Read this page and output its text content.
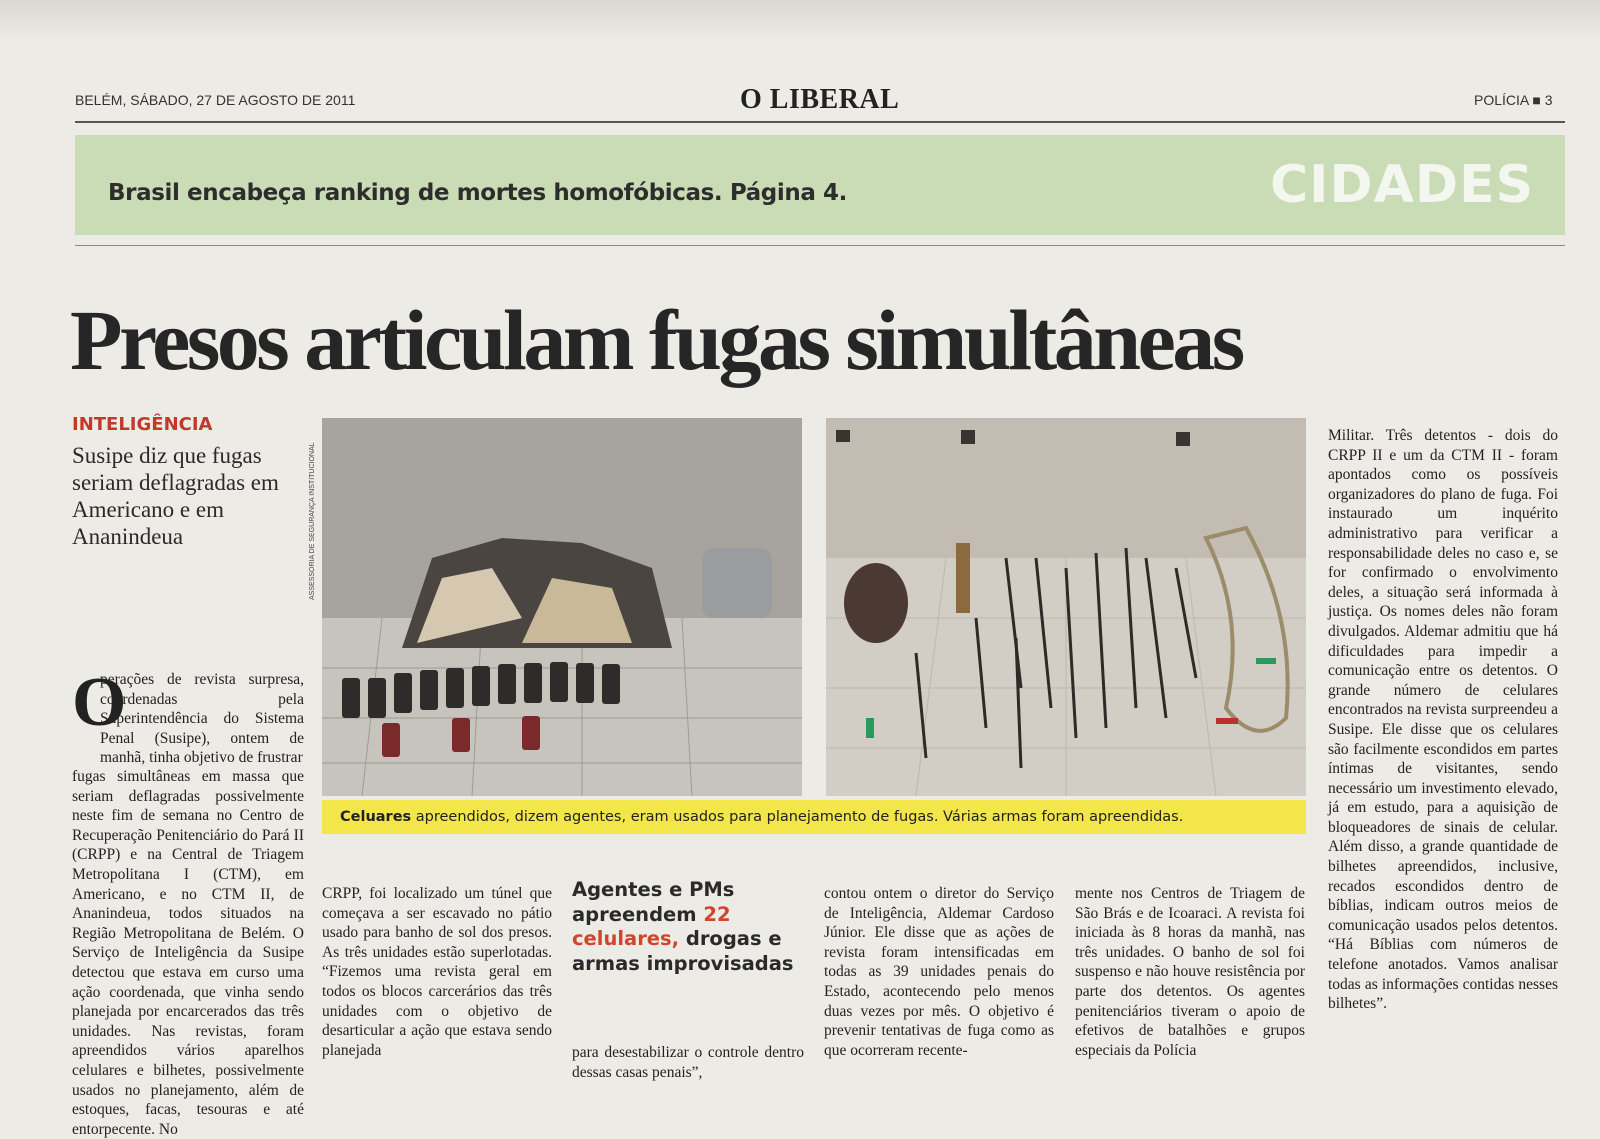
BELÉM, SÁBADO, 27 DE AGOSTO DE 2011	O LIBERAL	POLÍCIA ■ 3
Brasil encabeça ranking de mortes homofóbicas. Página 4.	CIDADES
Presos articulam fugas simultâneas
INTELIGÊNCIA
Susipe diz que fugas seriam deflagradas em Americano e em Ananindeua
O
perações de revista surpresa, coordenadas pela Superintendência do Sistema Penal (Susipe), ontem de manhã, tinha objetivo de frustrar
fugas simultâneas em massa que seriam deflagradas possivelmente neste fim de semana no Centro de Recuperação Penitenciário do Pará II (CRPP) e na Central de Triagem Metropolitana I (CTM), em Americano, e no CTM II, de Ananindeua, todos situados na Região Metropolitana de Belém. O Serviço de Inteligência da Susipe detectou que estava em curso uma ação coordenada, que vinha sendo planejada por encarcerados das três unidades. Nas revistas, foram apreendidos vários aparelhos celulares e bilhetes, possivelmente usados no planejamento, além de estoques, facas, tesouras e até entorpecente. No
ASSESSORIA DE SEGURANÇA INSTITUCIONAL
Celuares apreendidos, dizem agentes, eram usados para planejamento de fugas. Várias armas foram apreendidas.
CRPP, foi localizado um túnel que começava a ser escavado no pátio usado para banho de sol dos presos. As três unidades estão superlotadas. “Fizemos uma revista geral em todos os blocos carcerários das três unidades com o objetivo de desarticular a ação que estava sendo planejada
Agentes e PMs apreendem 22 celulares, drogas e armas improvisadas
para desestabilizar o controle dentro dessas casas penais”,
contou ontem o diretor do Serviço de Inteligência, Aldemar Cardoso Júnior. Ele disse que as ações de revista foram intensificadas em todas as 39 unidades penais do Estado, acontecendo pelo menos duas vezes por mês. O objetivo é prevenir tentativas de fuga como as que ocorreram recente-
mente nos Centros de Triagem de São Brás e de Icoaraci. A revista foi iniciada às 8 horas da manhã, nas três unidades. O banho de sol foi suspenso e não houve resistência por parte dos detentos. Os agentes penitenciários tiveram o apoio de efetivos de batalhões e grupos especiais da Polícia
Militar. Três detentos - dois do CRPP II e um da CTM II - foram apontados como os possíveis organizadores do plano de fuga. Foi instaurado um inquérito administrativo para verificar a responsabilidade deles no caso e, se for confirmado o envolvimento deles, a situação será informada à justiça. Os nomes deles não foram divulgados. Aldemar admitiu que há dificuldades para impedir a comunicação entre os detentos. O grande número de celulares encontrados na revista surpreendeu a Susipe. Ele disse que os celulares são facilmente escondidos em partes íntimas de visitantes, sendo necessário um investimento elevado, já em estudo, para a aquisição de bloqueadores de sinais de celular. Além disso, a grande quantidade de bilhetes apreendidos, inclusive, recados escondidos dentro de bíblias, indicam outros meios de comunicação usados pelos detentos. “Há Bíblias com números de telefone anotados. Vamos analisar todas as informações contidas nesses bilhetes”.
